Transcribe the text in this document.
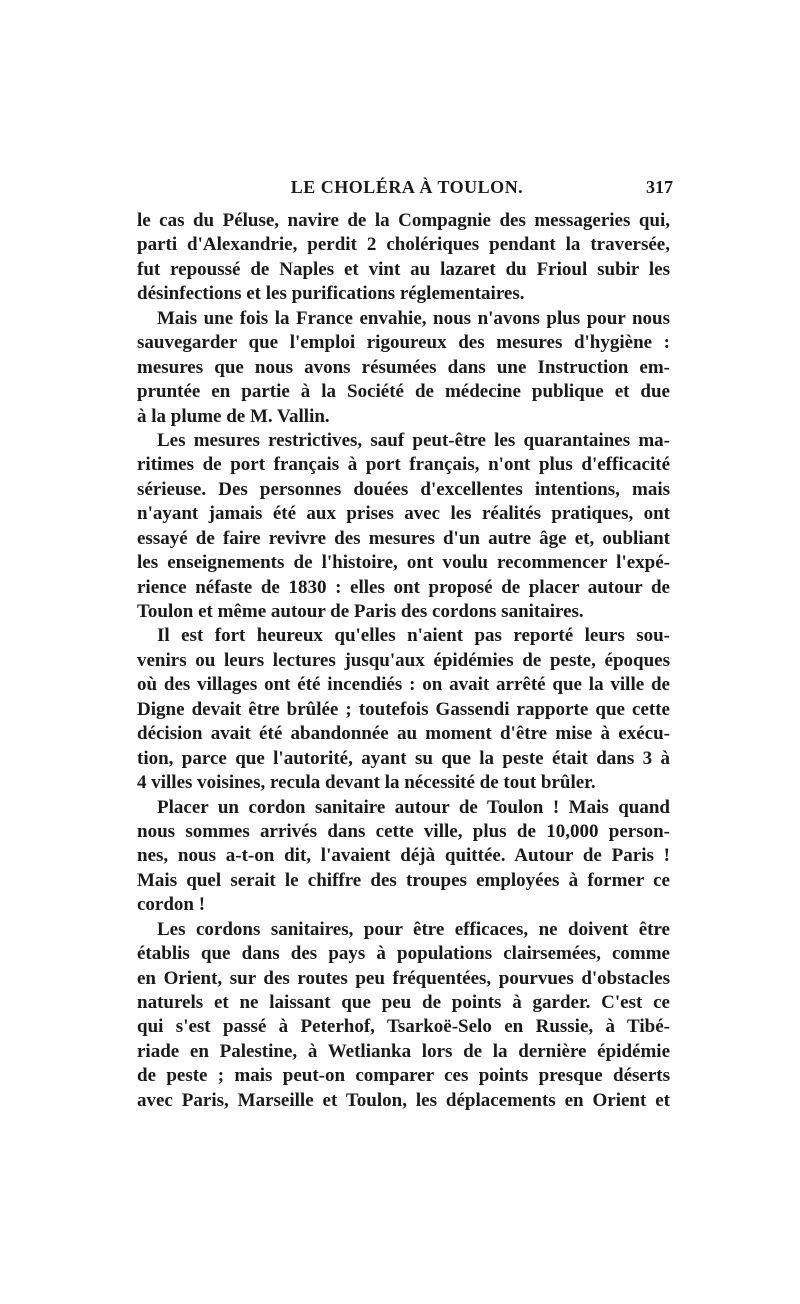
LE CHOLÉRA À TOULON.	317
le cas du Péluse, navire de la Compagnie des messageries qui,
parti d'Alexandrie, perdit 2 cholériques pendant la traversée,
fut repoussé de Naples et vint au lazaret du Frioul subir les
désinfections et les purifications réglementaires.
Mais une fois la France envahie, nous n'avons plus pour nous
sauvegarder que l'emploi rigoureux des mesures d'hygiène :
mesures que nous avons résumées dans une Instruction em-
pruntée en partie à la Société de médecine publique et due
à la plume de M. Vallin.
Les mesures restrictives, sauf peut-être les quarantaines ma-
ritimes de port français à port français, n'ont plus d'efficacité
sérieuse. Des personnes douées d'excellentes intentions, mais
n'ayant jamais été aux prises avec les réalités pratiques, ont
essayé de faire revivre des mesures d'un autre âge et, oubliant
les enseignements de l'histoire, ont voulu recommencer l'expé-
rience néfaste de 1830 : elles ont proposé de placer autour de
Toulon et même autour de Paris des cordons sanitaires.
Il est fort heureux qu'elles n'aient pas reporté leurs sou-
venirs ou leurs lectures jusqu'aux épidémies de peste, époques
où des villages ont été incendiés : on avait arrêté que la ville de
Digne devait être brûlée ; toutefois Gassendi rapporte que cette
décision avait été abandonnée au moment d'être mise à exécu-
tion, parce que l'autorité, ayant su que la peste était dans 3 à
4 villes voisines, recula devant la nécessité de tout brûler.
Placer un cordon sanitaire autour de Toulon ! Mais quand
nous sommes arrivés dans cette ville, plus de 10,000 person-
nes, nous a-t-on dit, l'avaient déjà quittée. Autour de Paris !
Mais quel serait le chiffre des troupes employées à former ce
cordon !
Les cordons sanitaires, pour être efficaces, ne doivent être
établis que dans des pays à populations clairsemées, comme
en Orient, sur des routes peu fréquentées, pourvues d'obstacles
naturels et ne laissant que peu de points à garder. C'est ce
qui s'est passé à Peterhof, Tsarkoë-Selo en Russie, à Tibé-
riade en Palestine, à Wetlianka lors de la dernière épidémie
de peste ; mais peut-on comparer ces points presque déserts
avec Paris, Marseille et Toulon, les déplacements en Orient et
